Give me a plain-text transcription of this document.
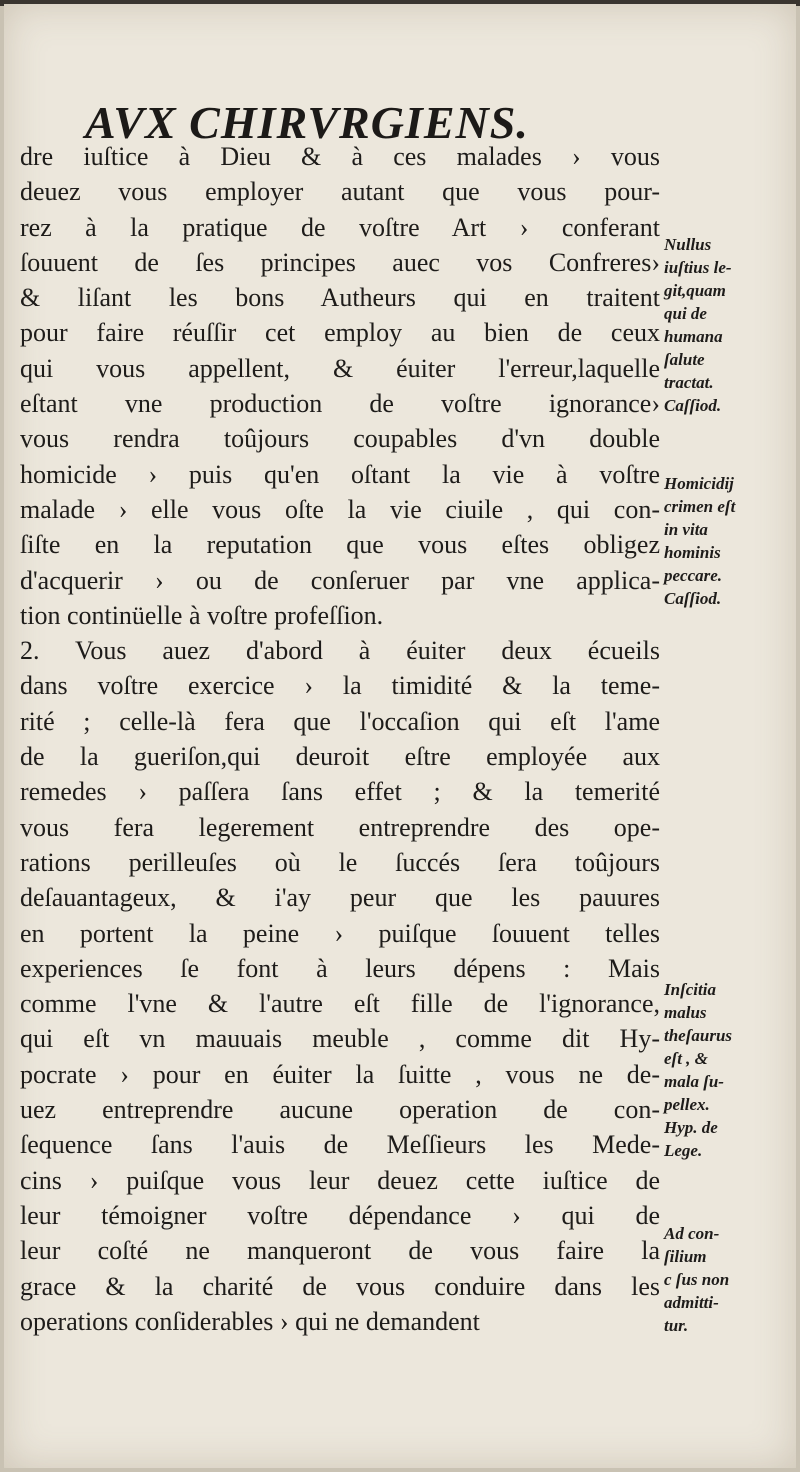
AVX CHIRVRGIENS.
dre iuſtice à Dieu & à ces malades › vous
deuez vous employer autant que vous pour-
rez à la pratique de voſtre Art › conferant
ſouuent de ſes principes auec vos Confreres›
& liſant les bons Autheurs qui en traitent
pour faire réuſſir cet employ au bien de ceux
qui vous appellent, & éuiter l'erreur,laquelle
eſtant vne production de voſtre ignorance›
vous rendra toûjours coupables d'vn double
homicide › puis qu'en oſtant la vie à voſtre
malade › elle vous oſte la vie ciuile , qui con-
ſiſte en la reputation que vous eſtes obligez
d'acquerir › ou de conſeruer par vne applica-
tion continüelle à voſtre profeſſion.
2. Vous auez d'abord à éuiter deux écueils
dans voſtre exercice › la timidité & la teme-
rité ; celle-là fera que l'occaſion qui eſt l'ame
de la gueriſon,qui deuroit eſtre employée aux
remedes › paſſera ſans effet ; & la temerité
vous fera legerement entreprendre des ope-
rations perilleuſes où le ſuccés ſera toûjours
deſauantageux, & i'ay peur que les pauures
en portent la peine › puiſque ſouuent telles
experiences ſe font à leurs dépens : Mais
comme l'vne & l'autre eſt fille de l'ignorance,
qui eſt vn mauuais meuble , comme dit Hy-
pocrate › pour en éuiter la ſuitte , vous ne de-
uez entreprendre aucune operation de con-
ſequence ſans l'auis de Meſſieurs les Mede-
cins › puiſque vous leur deuez cette iuſtice de
leur témoigner voſtre dépendance › qui de
leur coſté ne manqueront de vous faire la
grace & la charité de vous conduire dans les
operations conſiderables › qui ne demandent
Nullus
iuſtius le-
git,quam
qui de
humana
ſalute
tractat.
Caſſiod.
Homicidij
crimen eſt
in vita
hominis
peccare.
Caſſiod.
Inſcitia
malus
theſaurus
eſt , &
mala ſu-
pellex.
Hyp. de
Lege.
Ad con-
ſilium
c ſus non
admitti-
tur.
